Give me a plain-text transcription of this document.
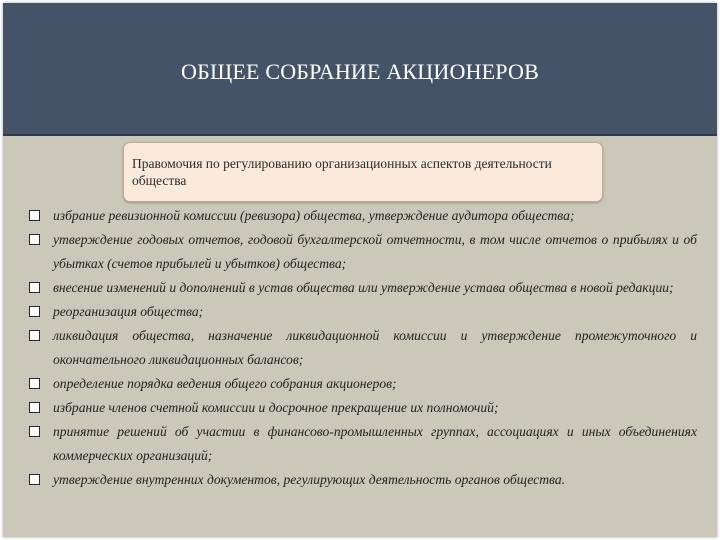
ОБЩЕЕ СОБРАНИЕ АКЦИОНЕРОВ
Правомочия по регулированию организационных аспектов деятельности общества
избрание ревизионной комиссии (ревизора) общества, утверждение аудитора общества;
утверждение годовых отчетов, годовой бухгалтерской отчетности, в том числе отчетов о прибылях и об убытках (счетов прибылей и убытков) общества;
внесение изменений и дополнений в устав общества или утверждение устава общества в новой редакции;
реорганизация общества;
ликвидация общества, назначение ликвидационной комиссии и утверждение промежуточного и окончательного ликвидационных балансов;
определение порядка ведения общего собрания акционеров;
избрание членов счетной комиссии и досрочное прекращение их полномочий;
принятие решений об участии в финансово-промышленных группах, ассоциациях и иных объединениях коммерческих организаций;
утверждение внутренних документов, регулирующих деятельность органов общества.
